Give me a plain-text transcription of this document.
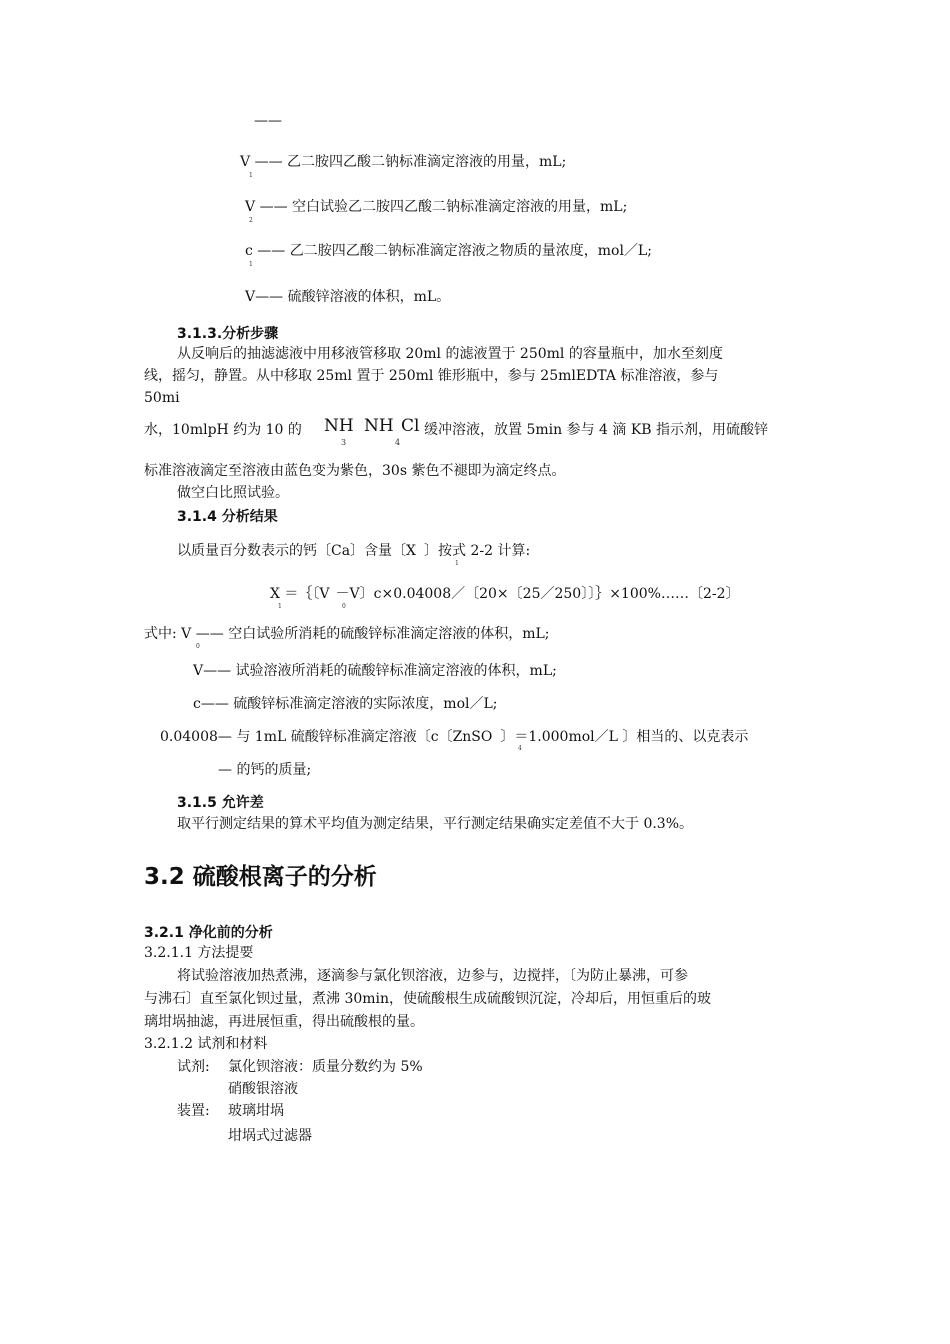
——
V —— 乙二胺四乙酸二钠标准滴定溶液的用量，mL;
1
V —— 空白试验乙二胺四乙酸二钠标准滴定溶液的用量，mL;
2
c —— 乙二胺四乙酸二钠标准滴定溶液之物质的量浓度，mol／L;
1
V—— 硫酸锌溶液的体积，mL。
3.1.3.分析步骤
从反响后的抽滤滤液中用移液管移取 20ml 的滤液置于 250ml 的容量瓶中，加水至刻度
线，摇匀，静置。从中移取 25ml 置于 250ml 锥形瓶中，参与 25mlEDTA 标准溶液，参与
50mi
水，10mlpH 约为 10 的 NH
3
NH Cl
4
缓冲溶液，放置 5min 参与 4 滴 KB 指示剂，用硫酸锌
标准溶液滴定至溶液由蓝色变为紫色，30s 紫色不褪即为滴定终点。
做空白比照试验。
3.1.4 分析结果
以质量百分数表示的钙〔Ca〕含量〔X 〕按式 2-2 计算:
1
X ＝｛〔V －V〕c×0.04008／〔20×〔25／250〕〕｝×100%……〔2-2〕
1	0
式中: V —— 空白试验所消耗的硫酸锌标准滴定溶液的体积，mL;
0
V—— 试验溶液所消耗的硫酸锌标准滴定溶液的体积，mL;
c—— 硫酸锌标准滴定溶液的实际浓度，mol／L;
0.04008— 与 1mL 硫酸锌标准滴定溶液〔c〔ZnSO 〕＝1.000mol／L 〕相当的、以克表示
4
— 的钙的质量;
3.1.5 允许差
取平行测定结果的算术平均值为测定结果，平行测定结果确实定差值不大于 0.3%。
3.2 硫酸根离子的分析
3.2.1 净化前的分析
3.2.1.1 方法提要
将试验溶液加热煮沸，逐滴参与氯化钡溶液，边参与，边搅拌，〔为防止暴沸，可参
与沸石〕直至氯化钡过量，煮沸 30min，使硫酸根生成硫酸钡沉淀，冷却后，用恒重后的玻
璃坩埚抽滤，再进展恒重，得出硫酸根的量。
3.2.1.2 试剂和材料
试剂: 氯化钡溶液：质量分数约为 5%
硝酸银溶液
装置: 玻璃坩埚
坩埚式过滤器
